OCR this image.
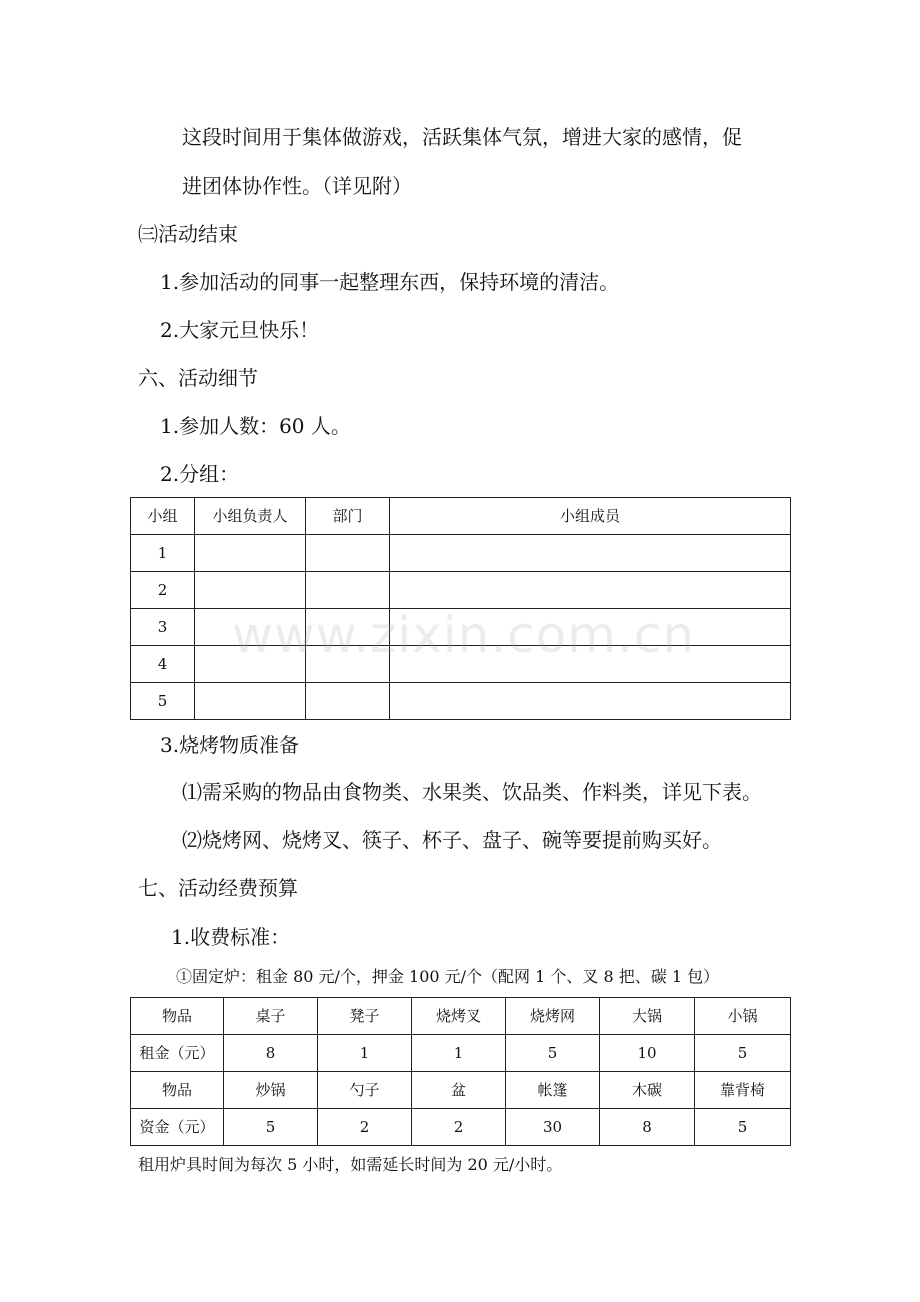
这段时间用于集体做游戏，活跃集体气氛，增进大家的感情，促
进团体协作性。（详见附）
㈢活动结束
1.参加活动的同事一起整理东西，保持环境的清洁。
2.大家元旦快乐！
六、活动细节
1.参加人数：60 人。
2.分组：
小组	小组负责人	部门	小组成员
1			
2			
3			
4			
5			
3.烧烤物质准备
⑴需采购的物品由食物类、水果类、饮品类、作料类，详见下表。
⑵烧烤网、烧烤叉、筷子、杯子、盘子、碗等要提前购买好。
七、活动经费预算
1.收费标准：
①固定炉：租金 80 元/个，押金 100 元/个（配网 1 个、叉 8 把、碳 1 包）
物品	桌子	凳子	烧烤叉	烧烤网	大锅	小锅
租金（元）	8	1	1	5	10	5
物品	炒锅	勺子	盆	帐篷	木碳	靠背椅
资金（元）	5	2	2	30	8	5
租用炉具时间为每次 5 小时，如需延长时间为 20 元/小时。
www.zixin.com.cn
